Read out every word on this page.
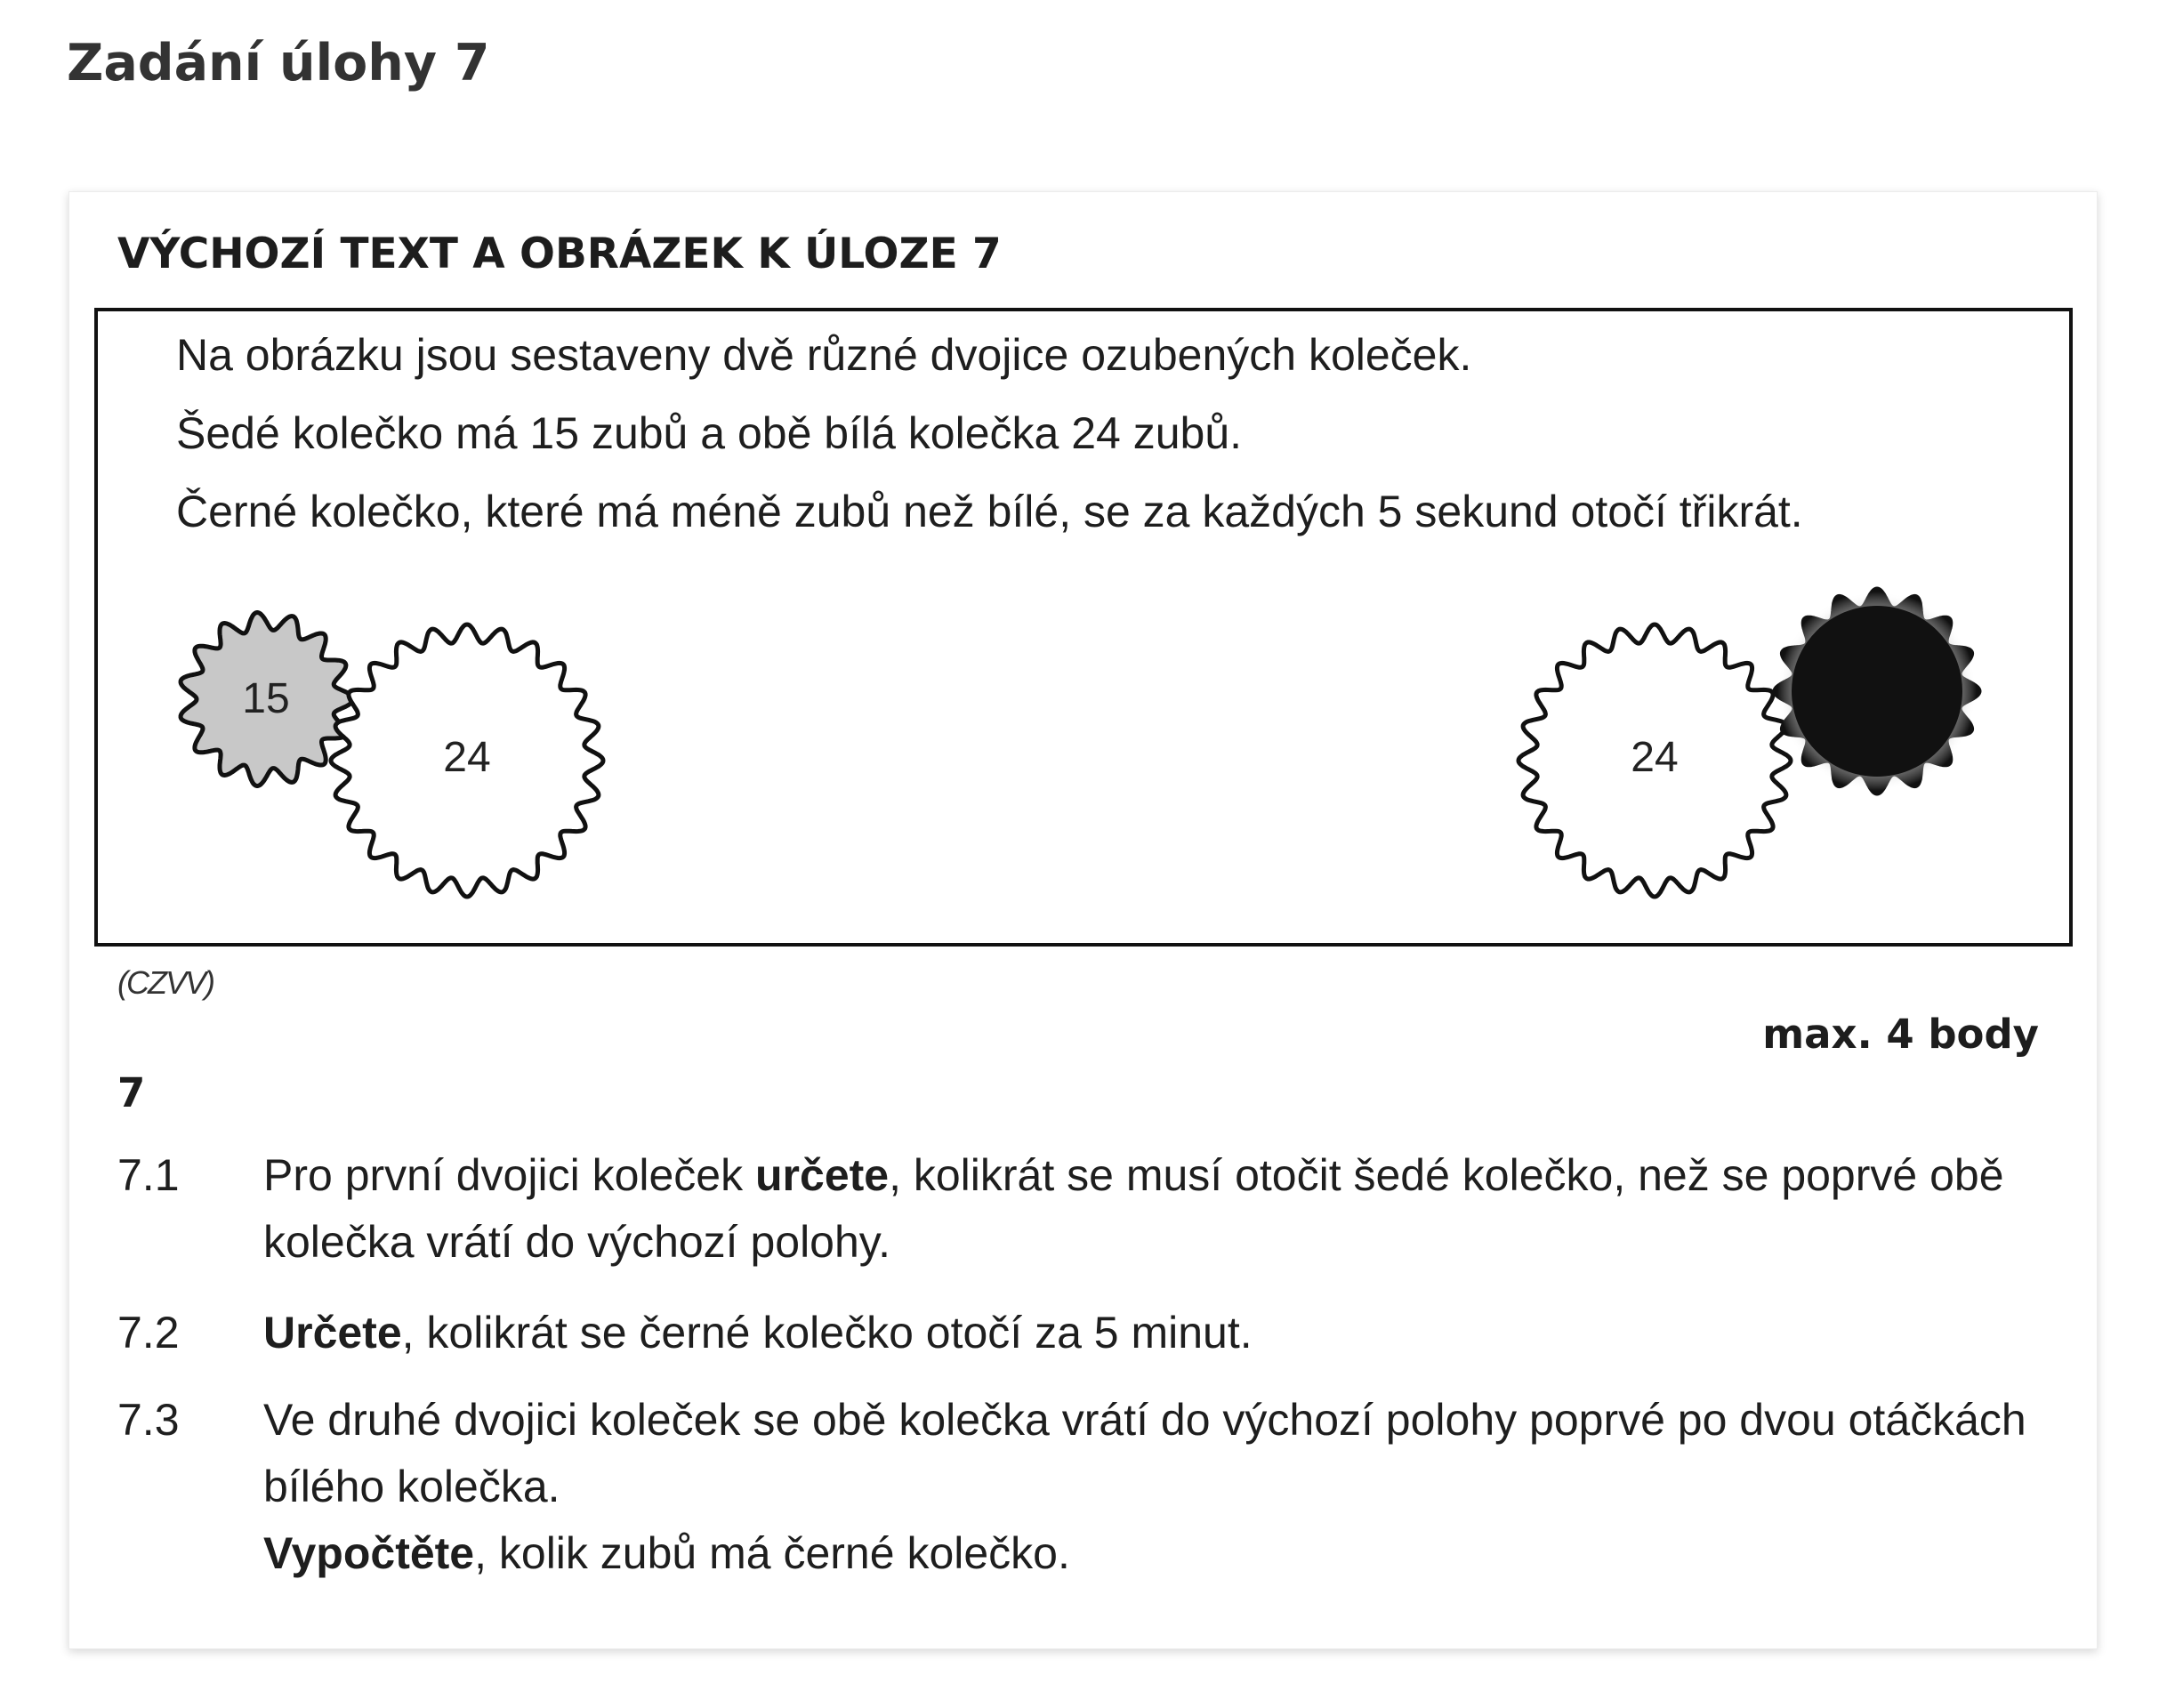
Zadání úlohy 7
VÝCHOZÍ TEXT A OBRÁZEK K ÚLOZE 7
Na obrázku jsou sestaveny dvě různé dvojice ozubených koleček.
Šedé kolečko má 15 zubů a obě bílá kolečka 24 zubů.
Černé kolečko, které má méně zubů než bílé, se za každých 5 sekund otočí třikrát.
15
24	24
(CZVV)
max. 4 body
7
7.1 Pro první dvojici koleček určete, kolikrát se musí otočit šedé kolečko, než se poprvé obě kolečka vrátí do výchozí polohy.
7.2 Určete, kolikrát se černé kolečko otočí za 5 minut.
7.3 Ve druhé dvojici koleček se obě kolečka vrátí do výchozí polohy poprvé po dvou otáčkách bílého kolečka.
Vypočtěte, kolik zubů má černé kolečko.
